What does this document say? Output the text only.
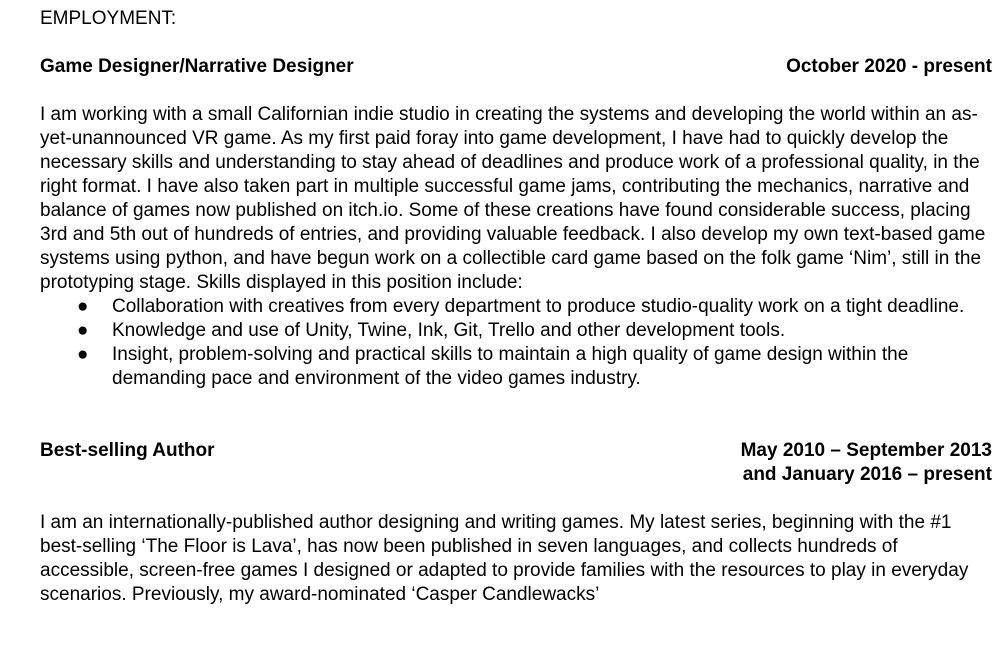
EMPLOYMENT:
Game Designer/Narrative Designer	October 2020 - present

I am working with a small Californian indie studio in creating the systems and developing the world within an as-yet-unannounced VR game. As my first paid foray into game development, I have had to quickly develop the necessary skills and understanding to stay ahead of deadlines and produce work of a professional quality, in the right format. I have also taken part in multiple successful game jams, contributing the mechanics, narrative and balance of games now published on itch.io. Some of these creations have found considerable success, placing 3rd and 5th out of hundreds of entries, and providing valuable feedback. I also develop my own text-based game systems using python, and have begun work on a collectible card game based on the folk game ‘Nim’, still in the prototyping stage. Skills displayed in this position include:

● Collaboration with creatives from every department to produce studio-quality work on a tight deadline.
● Knowledge and use of Unity, Twine, Ink, Git, Trello and other development tools.
● Insight, problem-solving and practical skills to maintain a high quality of game design within the demanding pace and environment of the video games industry.
Best-selling Author	May 2010 – September 2013
and January 2016 – present

I am an internationally-published author designing and writing games. My latest series, beginning with the #1 best-selling ‘The Floor is Lava’, has now been published in seven languages, and collects hundreds of accessible, screen-free games I designed or adapted to provide families with the resources to play in everyday scenarios. Previously, my award-nominated ‘Casper Candlewacks’
